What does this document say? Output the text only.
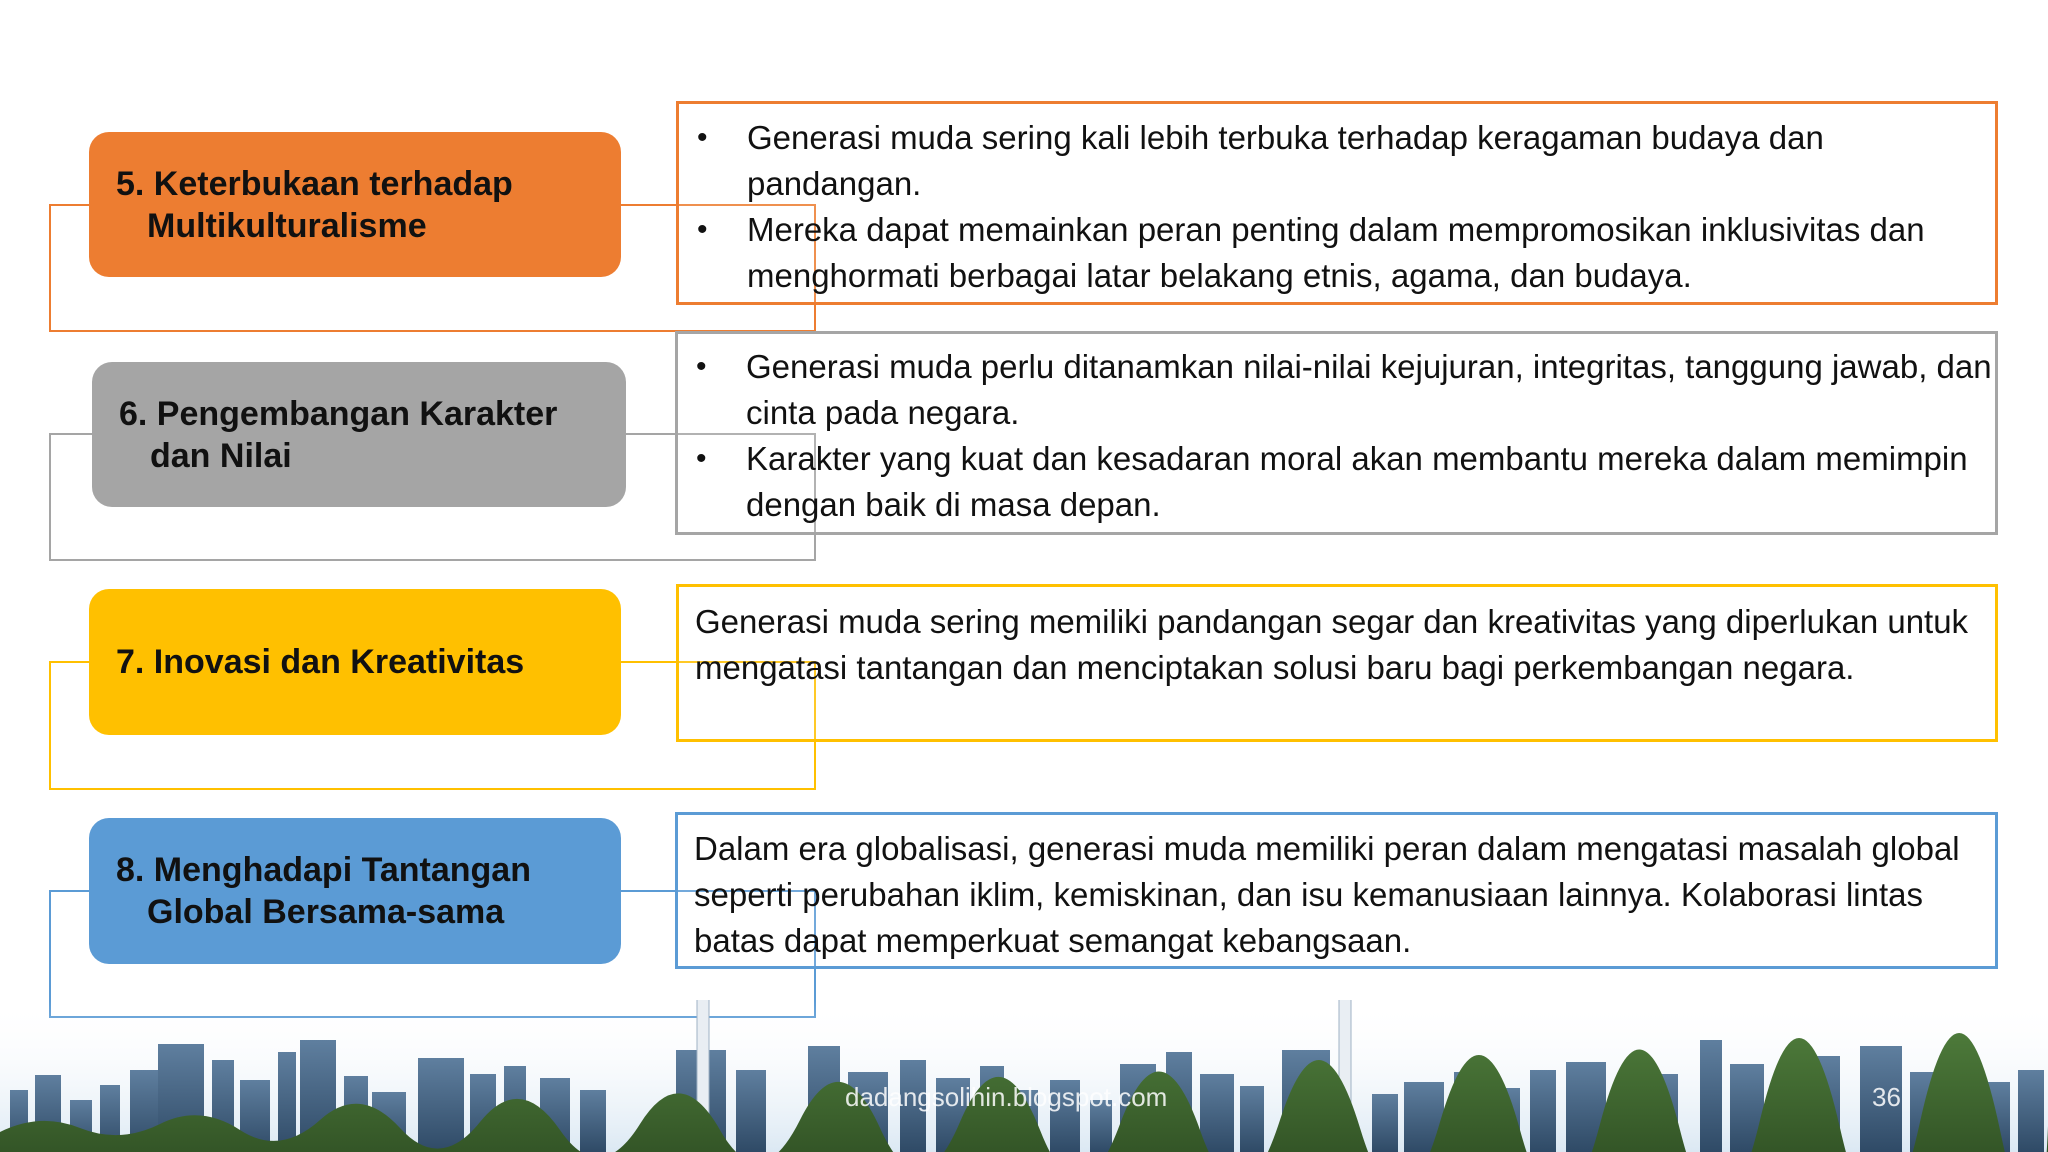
5. Keterbukaan terhadap
Multikulturalisme
• Generasi muda sering kali lebih terbuka terhadap keragaman budaya dan pandangan.
• Mereka dapat memainkan peran penting dalam mempromosikan inklusivitas dan menghormati berbagai latar belakang etnis, agama, dan budaya.
6. Pengembangan Karakter
dan Nilai
• Generasi muda perlu ditanamkan nilai-nilai kejujuran, integritas, tanggung jawab, dan cinta pada negara.
• Karakter yang kuat dan kesadaran moral akan membantu mereka dalam memimpin dengan baik di masa depan.
7. Inovasi dan Kreativitas

Generasi muda sering memiliki pandangan segar dan kreativitas yang diperlukan untuk mengatasi tantangan dan menciptakan solusi baru bagi perkembangan negara.

8. Menghadapi Tantangan
Global Bersama-sama

Dalam era globalisasi, generasi muda memiliki peran dalam mengatasi masalah global seperti perubahan iklim, kemiskinan, dan isu kemanusiaan lainnya. Kolaborasi lintas batas dapat memperkuat semangat kebangsaan.

dadangsolihin.blogspot.com	36
